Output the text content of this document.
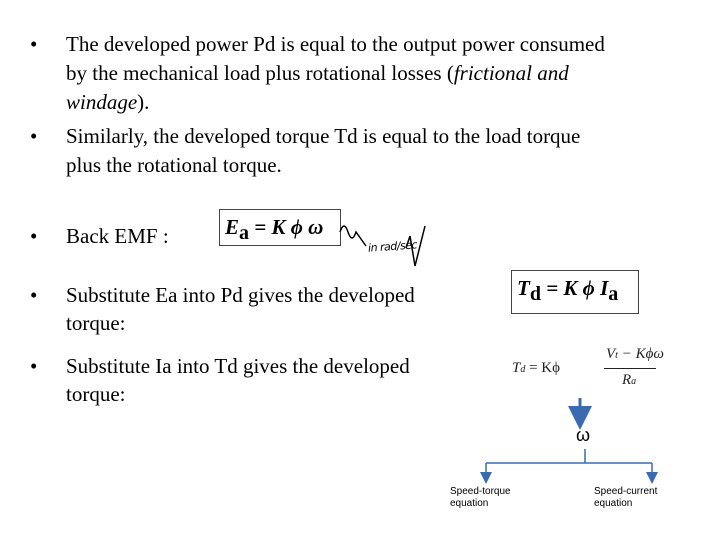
• The developed power Pd is equal to the output power consumed
by the mechanical load plus rotational losses (frictional and
windage).
• Similarly, the developed torque Td is equal to the load torque
plus the rotational torque.
• Back EMF :
• Substitute Ea into Pd gives the developed
torque:
• Substitute Ia into Td gives the developed
torque:
Ea = K ϕ ω
in rad/sec
Td = K ϕ Ia
Td = Kϕ
Vt − Kϕω
Ra
ω
Speed-torque
equation
Speed-current
equation
